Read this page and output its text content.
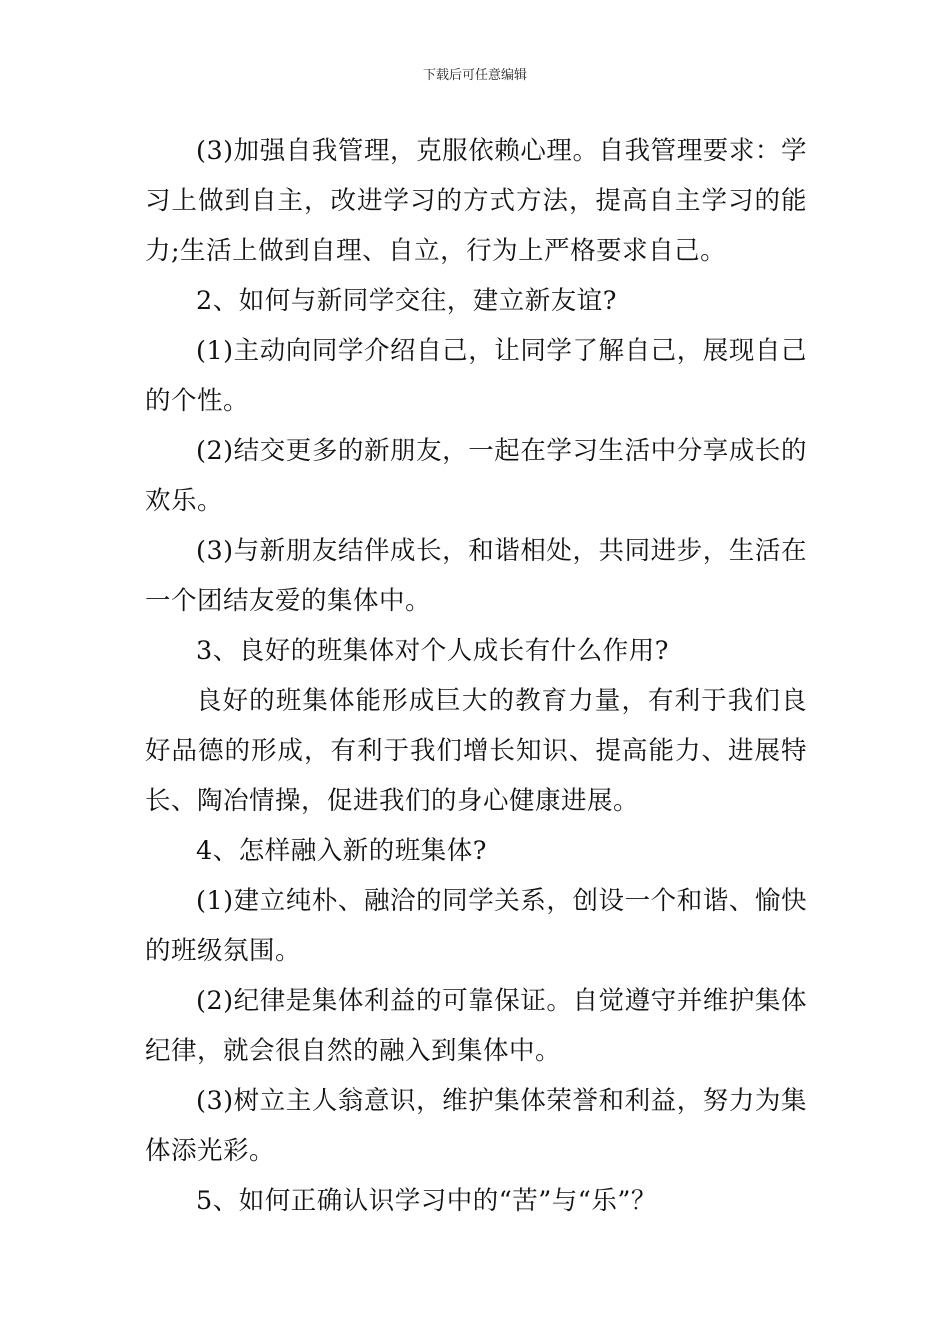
下载后可任意编辑

(3)加强自我管理，克服依赖心理。自我管理要求：学习上做到自主，改进学习的方式方法，提高自主学习的能力;生活上做到自理、自立，行为上严格要求自己。

2、如何与新同学交往，建立新友谊?

(1)主动向同学介绍自己，让同学了解自己，展现自己的个性。

(2)结交更多的新朋友，一起在学习生活中分享成长的欢乐。

(3)与新朋友结伴成长，和谐相处，共同进步，生活在一个团结友爱的集体中。

3、良好的班集体对个人成长有什么作用?

良好的班集体能形成巨大的教育力量，有利于我们良好品德的形成，有利于我们增长知识、提高能力、进展特长、陶冶情操，促进我们的身心健康进展。

4、怎样融入新的班集体?

(1)建立纯朴、融洽的同学关系，创设一个和谐、愉快的班级氛围。

(2)纪律是集体利益的可靠保证。自觉遵守并维护集体纪律，就会很自然的融入到集体中。

(3)树立主人翁意识，维护集体荣誉和利益，努力为集体添光彩。

5、如何正确认识学习中的“苦”与“乐”？
